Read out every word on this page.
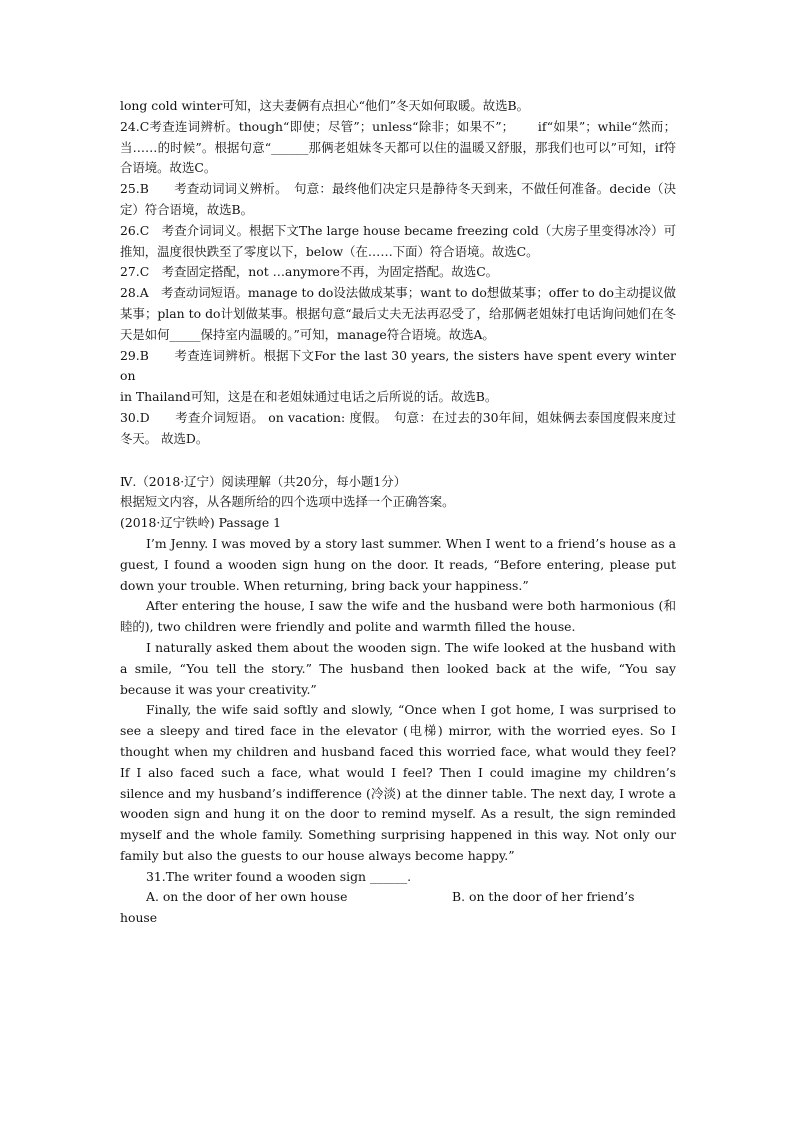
long cold winter可知，这夫妻俩有点担心“他们”冬天如何取暖。故选B。

24.C考查连词辨析。though“即使；尽管”；unless“除非；如果不”；　　 if“如果”；while“然而；当……的时候”。根据句意“______那俩老姐妹冬天都可以住的温暖又舒服，那我们也可以”可知，if符合语境。故选C。

25.B　　考查动词词义辨析。　句意：最终他们决定只是静待冬天到来，不做任何准备。decide（决定）符合语境，故选B。

26.C　考查介词词义。根据下文The large house became freezing cold（大房子里变得冰冷）可推知，温度很快跌至了零度以下，below（在……下面）符合语境。故选C。

27.C　考查固定搭配，not …anymore不再，为固定搭配。故选C。

28.A　考查动词短语。manage to do设法做成某事；want to do想做某事；offer to do主动提议做某事；plan to do计划做某事。根据句意“最后丈夫无法再忍受了，给那俩老姐妹打电话询问她们在冬天是如何_____保持室内温暖的。”可知，manage符合语境。故选A。

29.B　　考查连词辨析。根据下文For the last 30 years, the sisters have spent every winter on

in Thailand可知，这是在和老姐妹通过电话之后所说的话。故选B。

30.D　　考查介词短语。 on vacation: 度假。　句意：在过去的30年间，姐妹俩去泰国度假来度过冬天。 故选D。

Ⅳ.（2018·辽宁）阅读理解（共20分，每小题1分）

根据短文内容，从各题所给的四个选项中选择一个正确答案。

(2018·辽宁铁岭) Passage 1

I’m Jenny. I was moved by a story last summer. When I went to a friend’s house as a guest, I found a wooden sign hung on the door. It reads, “Before entering, please put down your trouble. When returning, bring back your happiness.”

After entering the house, I saw the wife and the husband were both harmonious (和睦的), two children were friendly and polite and warmth filled the house.

I naturally asked them about the wooden sign. The wife looked at the husband with a smile, “You tell the story.” The husband then looked back at the wife, “You say because it was your creativity.”

Finally, the wife said softly and slowly, “Once when I got home, I was surprised to see a sleepy and tired face in the elevator (电梯) mirror, with the worried eyes. So I thought when my children and husband faced this worried face, what would they feel? If I also faced such a face, what would I feel? Then I could imagine my children’s silence and my husband’s indifference (冷淡) at the dinner table. The next day, I wrote a wooden sign and hung it on the door to remind myself. As a result, the sign reminded myself and the whole family. Something surprising happened in this way. Not only our family but also the guests to our house always become happy.”

31.The writer found a wooden sign ______.

A. on the door of her own house	B. on the door of her friend’s

house
